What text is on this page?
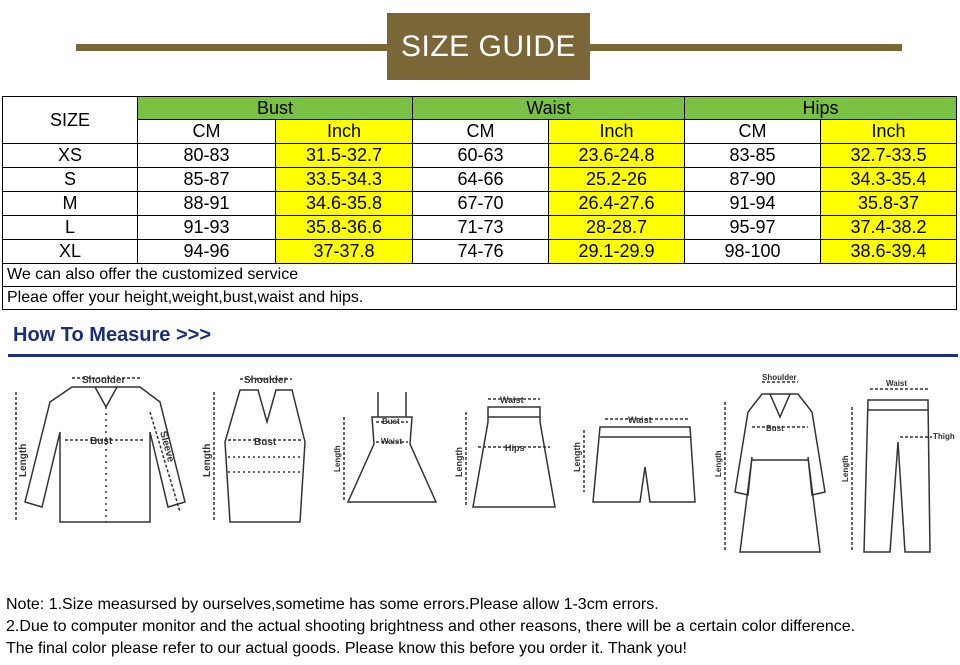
SIZE GUIDE
SIZE	Bust		Waist		Hips	
	CM	Inch	CM	Inch	CM	Inch
XS	80-83	31.5-32.7	60-63	23.6-24.8	83-85	32.7-33.5
S	85-87	33.5-34.3	64-66	25.2-26	87-90	34.3-35.4
M	88-91	34.6-35.8	67-70	26.4-27.6	91-94	35.8-37
L	91-93	35.8-36.6	71-73	28-28.7	95-97	37.4-38.2
XL	94-96	37-37.8	74-76	29.1-29.9	98-100	38.6-39.4
We can also offer the customized service						
Pleae offer your height,weight,bust,waist and hips.						
How To Measure >>>
Shoulder
Bust
Length	Sleeve
Shoulder
Bust
Length
Bust
Waist
Length
Waist
Hips
Length
Waist
Length
Shoulder
Bust
Length
Waist
Thigh
Length
Note: 1.Size measursed by ourselves,sometime has some errors.Please allow 1-3cm errors.
2.Due to computer monitor and the actual shooting brightness and other reasons, there will be a certain color difference.
The final color please refer to our actual goods. Please know this before you order it. Thank you!
